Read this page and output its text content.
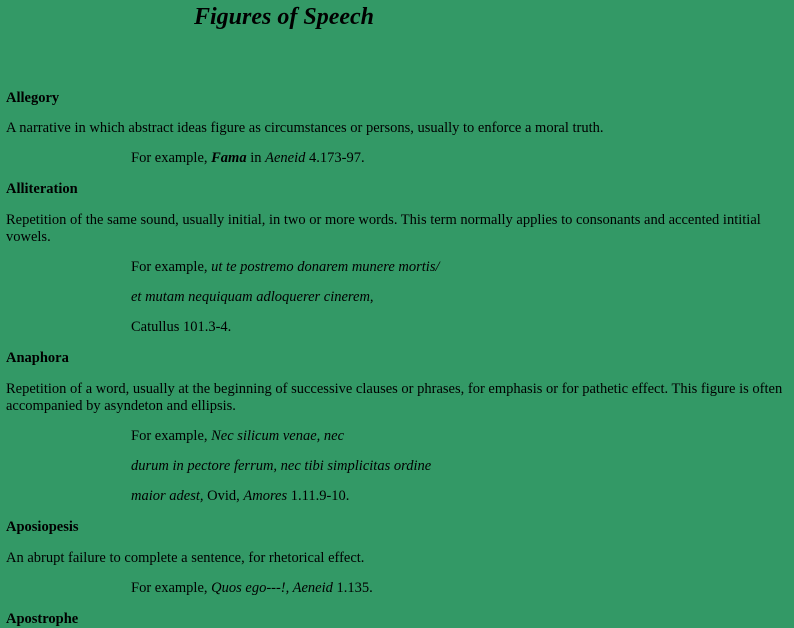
Figures of Speech

Allegory

A narrative in which abstract ideas figure as circumstances or persons, usually to enforce a moral truth.

For example, Fama in Aeneid 4.173-97.

Alliteration

Repetition of the same sound, usually initial, in two or more words. This term normally applies to consonants and accented intitial vowels.

For example, ut te postremo donarem munere mortis/

et mutam nequiquam adloquerer cinerem,

Catullus 101.3-4.

Anaphora

Repetition of a word, usually at the beginning of successive clauses or phrases, for emphasis or for pathetic effect. This figure is often accompanied by asyndeton and ellipsis.

For example, Nec silicum venae, nec

durum in pectore ferrum, nec tibi simplicitas ordine

maior adest, Ovid, Amores 1.11.9-10.

Aposiopesis

An abrupt failure to complete a sentence, for rhetorical effect.

For example, Quos ego---!, Aeneid 1.135.

Apostrophe
